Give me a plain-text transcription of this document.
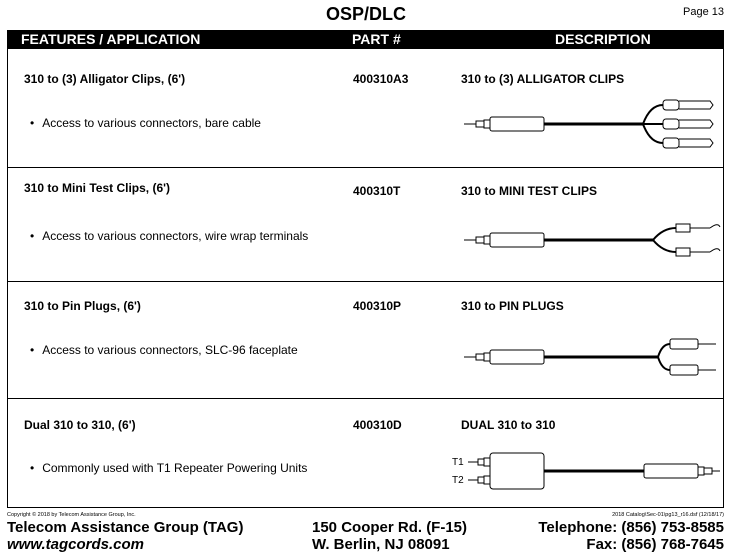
OSP/DLC	Page 13
FEATURES / APPLICATION	PART #	DESCRIPTION
310 to (3) Alligator Clips, (6')	400310A3	310 to (3) ALLIGATOR CLIPS
• Access to various connectors, bare cable
310 to Mini Test Clips, (6')	400310T	310 to MINI TEST CLIPS
• Access to various connectors, wire wrap terminals
310 to Pin Plugs, (6')	400310P	310 to PIN PLUGS
• Access to various connectors, SLC-96 faceplate
Dual 310 to 310, (6')	400310D	DUAL 310 to 310
• Commonly used with T1 Repeater Powering Units	T1
T2
Copyright © 2018 by Telecom Assistance Group, Inc.	2018 Catalog\Sec-01\pg13_r16.dsf (12/18/17)
Telecom Assistance Group (TAG)
www.tagcords.com
150 Cooper Rd. (F-15)
W. Berlin, NJ 08091
Telephone: (856) 753-8585
Fax: (856) 768-7645
